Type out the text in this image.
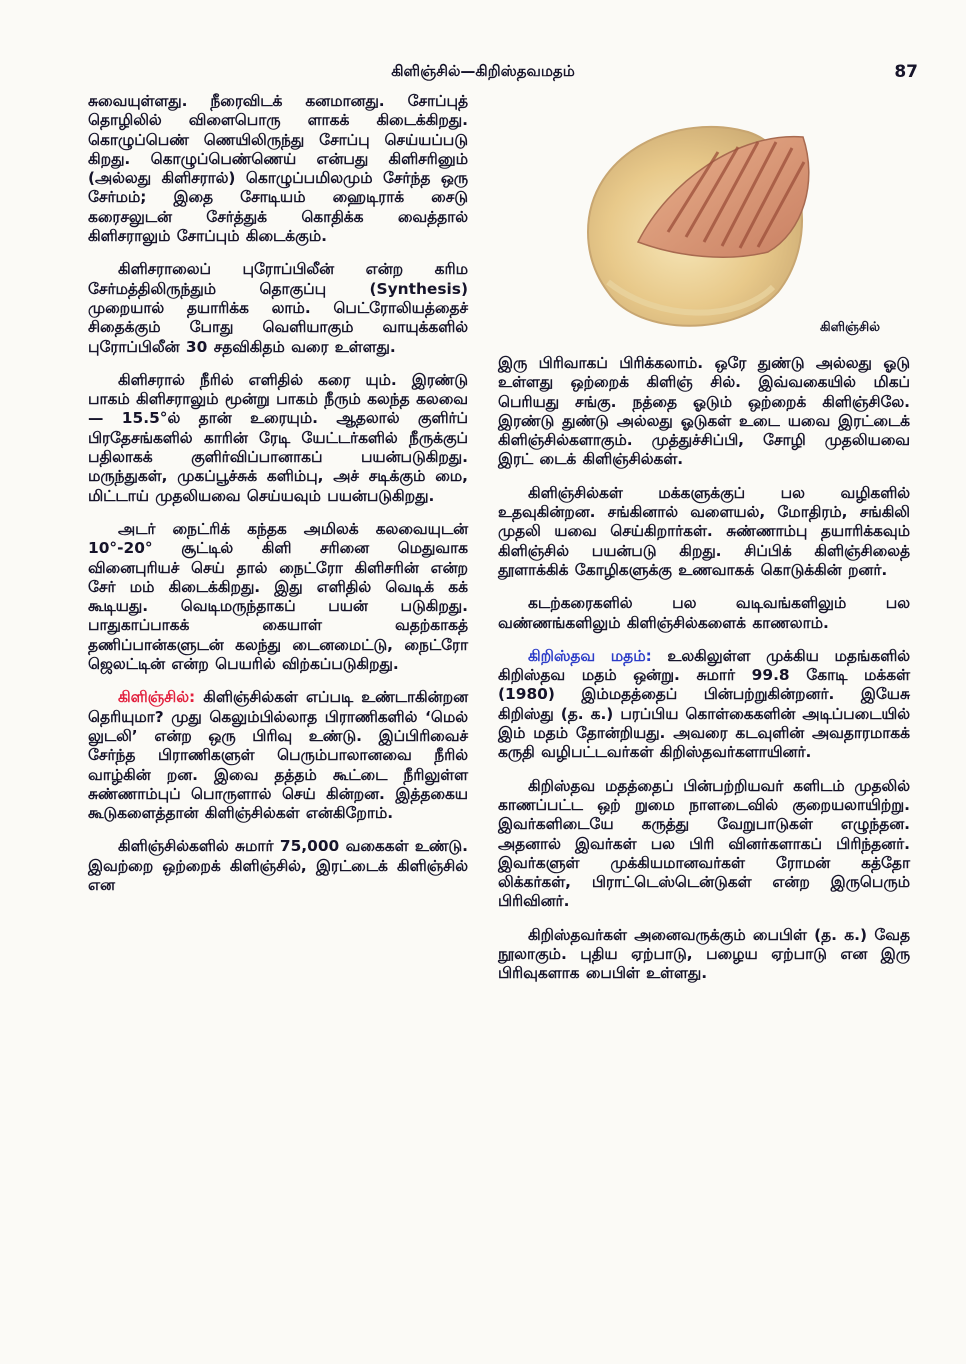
கிளிஞ்சில்—கிறிஸ்தவமதம்	87

சுவையுள்ளது. நீரைவிடக் கனமானது. சோப்புத் தொழிலில் விளைபொரு ளாகக் கிடைக்கிறது. கொழுப்பெண் ணெயிலிருந்து சோப்பு செய்யப்படு கிறது. கொழுப்பெண்ணெய் என்பது கிளிசரினும் (அல்லது கிளிசரால்) கொழுப்பமிலமும் சேர்ந்த ஒரு சேர்மம்; இதை சோடியம் ஹைடிராக் சைடு கரைசலுடன் சேர்த்துக் கொதிக்க வைத்தால் கிளிசராலும் சோப்பும் கிடைக்கும்.

கிளிசராலைப் புரோப்பிலீன் என்ற கரிம சேர்மத்திலிருந்தும் தொகுப்பு (Synthesis) முறையால் தயாரிக்க லாம். பெட்ரோலியத்தைச் சிதைக்கும் போது வெளியாகும் வாயுக்களில் புரோப்பிலீன் 30 சதவிகிதம் வரை உள்ளது.

கிளிசரால் நீரில் எளிதில் கரை யும். இரண்டு பாகம் கிளிசராலும் மூன்று பாகம் நீரும் கலந்த கலவை — 15.5°ல் தான் உரையும். ஆதலால் குளிர்ப் பிரதேசங்களில் காரின் ரேடி யேட்டர்களில் நீருக்குப் பதிலாகக் குளிர்விப்பானாகப் பயன்படுகிறது. மருந்துகள், முகப்பூச்சுக் களிம்பு, அச் சடிக்கும் மை, மிட்டாய் முதலியவை செய்யவும் பயன்படுகிறது.

அடர் நைட்ரிக் கந்தக அமிலக் கலவையுடன் 10°-20° சூட்டில் கிளி சரினை மெதுவாக வினைபுரியச் செய் தால் நைட்ரோ கிளிசரின் என்ற சேர் மம் கிடைக்கிறது. இது எளிதில் வெடிக் கக் கூடியது. வெடிமருந்தாகப் பயன் படுகிறது. பாதுகாப்பாகக் கையாள் வதற்காகத் தணிப்பான்களுடன் கலந்து டைனமைட்டு, நைட்ரோ ஜெலட்டின் என்ற பெயரில் விற்கப்படுகிறது.

கிளிஞ்சில்: கிளிஞ்சில்கள் எப்படி உண்டாகின்றன தெரியுமா? முது கெலும்பில்லாத பிராணிகளில் ‘மெல் லுடலி’ என்ற ஒரு பிரிவு உண்டு. இப்பிரிவைச் சேர்ந்த பிராணிகளுள் பெரும்பாலானவை நீரில் வாழ்கின் றன. இவை தத்தம் கூட்டை நீரிலுள்ள சுண்ணாம்புப் பொருளால் செய் கின்றன. இத்தகைய கூடுகளைத்தான் கிளிஞ்சில்கள் என்கிறோம்.

கிளிஞ்சில்களில் சுமார் 75,000 வகைகள் உண்டு. இவற்றை ஒற்றைக் கிளிஞ்சில், இரட்டைக் கிளிஞ்சில் என

கிளிஞ்சில்

இரு பிரிவாகப் பிரிக்கலாம். ஒரே துண்டு அல்லது ஓடு உள்ளது ஒற்றைக் கிளிஞ் சில். இவ்வகையில் மிகப் பெரியது சங்கு. நத்தை ஓடும் ஒற்றைக் கிளிஞ்சிலே. இரண்டு துண்டு அல்லது ஓடுகள் உடை யவை இரட்டைக் கிளிஞ்சில்களாகும். முத்துச்சிப்பி, சோழி முதலியவை இரட் டைக் கிளிஞ்சில்கள்.

கிளிஞ்சில்கள் மக்களுக்குப் பல வழிகளில் உதவுகின்றன. சங்கினால் வளையல், மோதிரம், சங்கிலி முதலி யவை செய்கிறார்கள். சுண்ணாம்பு தயாரிக்கவும் கிளிஞ்சில் பயன்படு கிறது. சிப்பிக் கிளிஞ்சிலைத் தூளாக்கிக் கோழிகளுக்கு உணவாகக் கொடுக்கின் றனர்.

கடற்கரைகளில் பல வடிவங்களிலும் பல வண்ணங்களிலும் கிளிஞ்சில்களைக் காணலாம்.

கிறிஸ்தவ மதம்: உலகிலுள்ள முக்கிய மதங்களில் கிறிஸ்தவ மதம் ஒன்று. சுமார் 99.8 கோடி மக்கள் (1980) இம்மதத்தைப் பின்பற்றுகின்றனர். இயேசு கிறிஸ்து (த. க.) பரப்பிய கொள்கைகளின் அடிப்படையில் இம் மதம் தோன்றியது. அவரை கடவுளின் அவதாரமாகக் கருதி வழிபட்டவர்கள் கிறிஸ்தவர்களாயினர்.

கிறிஸ்தவ மதத்தைப் பின்பற்றியவர் களிடம் முதலில் காணப்பட்ட ஒற் றுமை நாளடைவில் குறையலாயிற்று. இவர்களிடையே கருத்து வேறுபாடுகள் எழுந்தன. அதனால் இவர்கள் பல பிரி வினர்களாகப் பிரிந்தனர். இவர்களுள் முக்கியமானவர்கள் ரோமன் கத்தோ லிக்கர்கள், பிராட்டெஸ்டென்டுகள் என்ற இருபெரும் பிரிவினர்.

கிறிஸ்தவர்கள் அனைவருக்கும் பைபிள் (த. க.) வேத நூலாகும். புதிய ஏற்பாடு, பழைய ஏற்பாடு என இரு பிரிவுகளாக பைபிள் உள்ளது.
